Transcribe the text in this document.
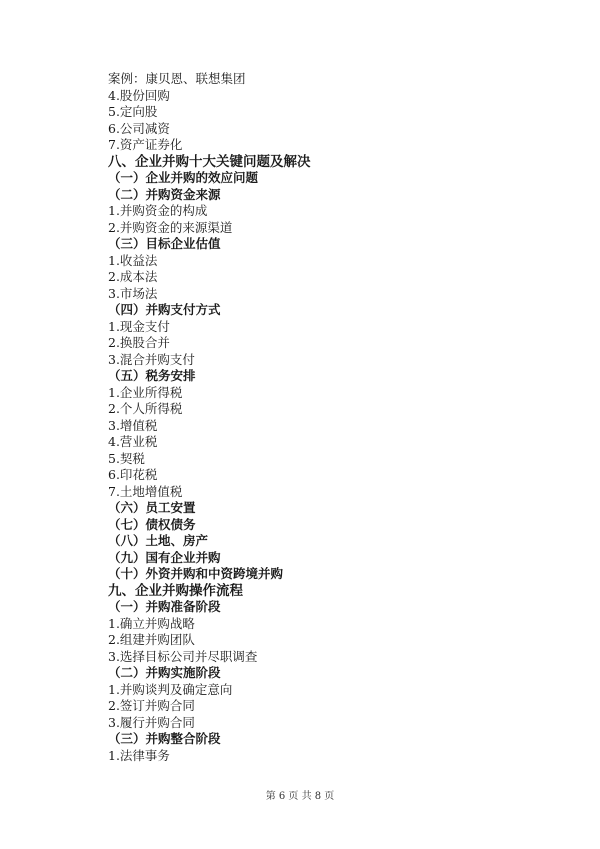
案例：康贝恩、联想集团
4.股份回购
5.定向股
6.公司减资
7.资产证券化
八、企业并购十大关键问题及解决
（一）企业并购的效应问题
（二）并购资金来源
1.并购资金的构成
2.并购资金的来源渠道
（三）目标企业估值
1.收益法
2.成本法
3.市场法
（四）并购支付方式
1.现金支付
2.换股合并
3.混合并购支付
（五）税务安排
1.企业所得税
2.个人所得税
3.增值税
4.营业税
5.契税
6.印花税
7.土地增值税
（六）员工安置
（七）债权债务
（八）土地、房产
（九）国有企业并购
（十）外资并购和中资跨境并购
九、企业并购操作流程
（一）并购准备阶段
1.确立并购战略
2.组建并购团队
3.选择目标公司并尽职调查
（二）并购实施阶段
1.并购谈判及确定意向
2.签订并购合同
3.履行并购合同
（三）并购整合阶段
1.法律事务
第 6 页 共 8 页
